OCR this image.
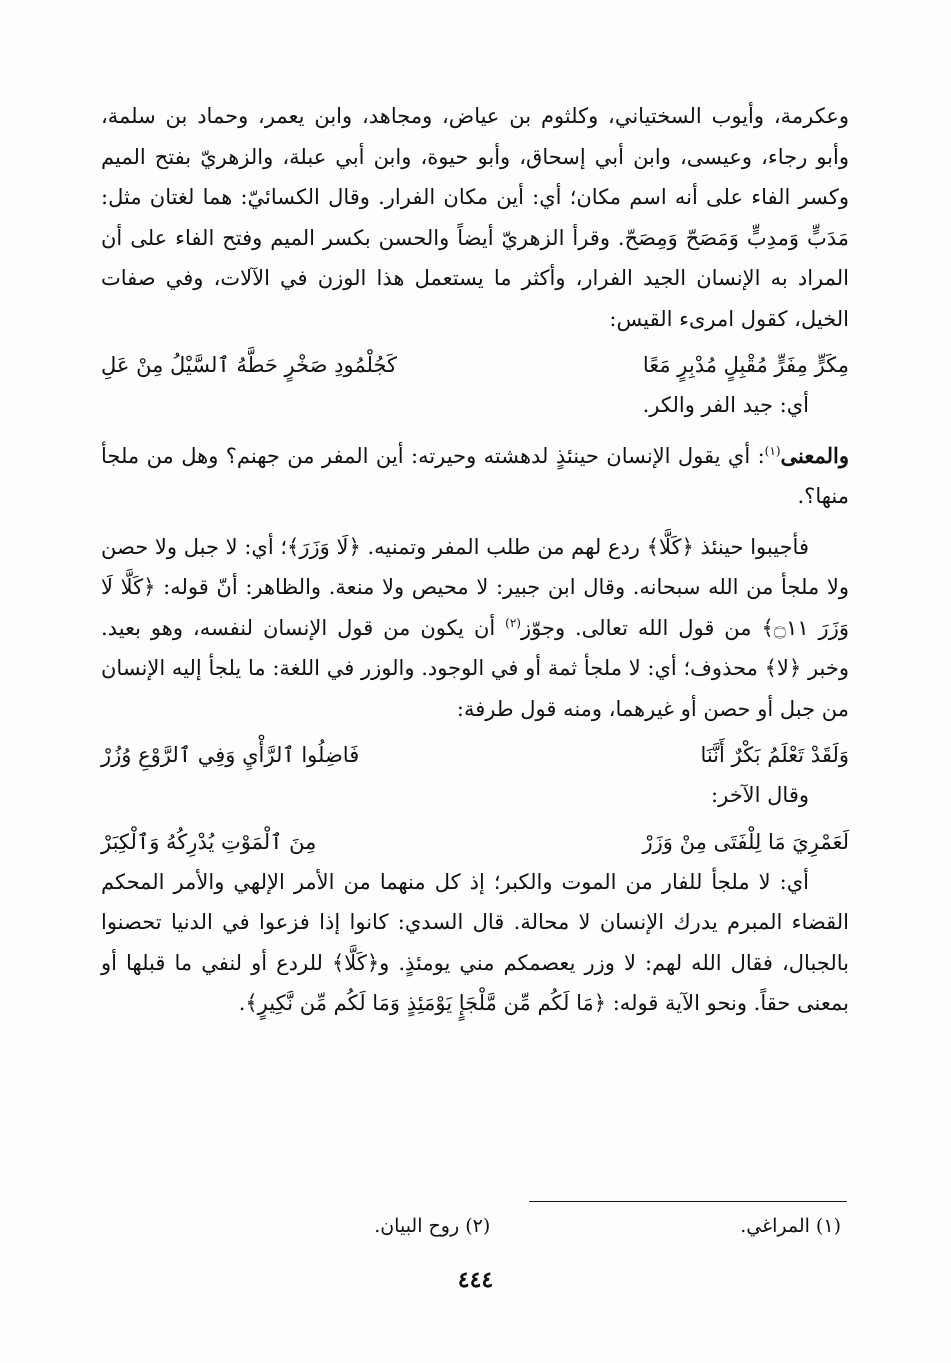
وعكرمة، وأيوب السختياني، وكلثوم بن عياض، ومجاهد، وابن يعمر، وحماد بن سلمة، وأبو رجاء، وعيسى، وابن أبي إسحاق، وأبو حيوة، وابن أبي عبلة، والزهريّ بفتح الميم وكسر الفاء على أنه اسم مكان؛ أي: أين مكان الفرار. وقال الكسائيّ: هما لغتان مثل: مَدَبٍّ وَمدِبٍّ وَمَصَحّ وَمِصَحّ. وقرأ الزهريّ أيضاً والحسن بكسر الميم وفتح الفاء على أن المراد به الإنسان الجيد الفرار، وأكثر ما يستعمل هذا الوزن في الآلات، وفي صفات الخيل، كقول امرىء القيس:

مِكَرٍّ مِفَرٍّ مُقْبِلٍ مُدْبِرٍ مَعًا
كَجُلْمُودِ صَخْرٍ حَطَّهُ ٱلسَّيْلُ مِنْ عَلِ

أي: جيد الفر والكر.

والمعنى$^{(١)}$: أي يقول الإنسان حينئذٍ لدهشته وحيرته: أين المفر من جهنم؟ وهل من ملجأ منها؟.

فأجيبوا حينئذ ﴿كَلَّا﴾ ردع لهم من طلب المفر وتمنيه. ﴿لَا وَزَرَ﴾؛ أي: لا جبل ولا حصن ولا ملجأ من الله سبحانه. وقال ابن جبير: لا محيص ولا منعة. والظاهر: أنّ قوله: ﴿كَلَّا لَا وَزَرَ ۝١١﴾ من قول الله تعالى. وجوّز$^{(٢)}$ أن يكون من قول الإنسان لنفسه، وهو بعيد. وخبر ﴿لا﴾ محذوف؛ أي: لا ملجأ ثمة أو في الوجود. والوزر في اللغة: ما يلجأ إليه الإنسان من جبل أو حصن أو غيرهما، ومنه قول طرفة:

وَلَقَدْ تَعْلَمُ بَكْرٌ أَنَّنَا
فَاضِلُوا ٱلرَّأْيِ وَفِي ٱلرَّوْعِ وُزُرْ

وقال الآخر:

لَعَمْرِيَ مَا لِلْفَتَى مِنْ وَزَرْ
مِنَ ٱلْمَوْتِ يُدْرِكُهُ وَٱلْكِبَرْ

أي: لا ملجأ للفار من الموت والكبر؛ إذ كل منهما من الأمر الإلهي والأمر المحكم القضاء المبرم يدرك الإنسان لا محالة. قال السدي: كانوا إذا فزعوا في الدنيا تحصنوا بالجبال، فقال الله لهم: لا وزر يعصمكم مني يومئذٍ. و﴿كَلَّا﴾ للردع أو لنفي ما قبلها أو بمعنى حقاً. ونحو الآية قوله: ﴿مَا لَكُم مِّن مَّلْجَإٍ يَوْمَئِذٍ وَمَا لَكُم مِّن نَّكِيرٍ﴾.

(١) المراغي.
(٢) روح البيان.
٤٤٤
